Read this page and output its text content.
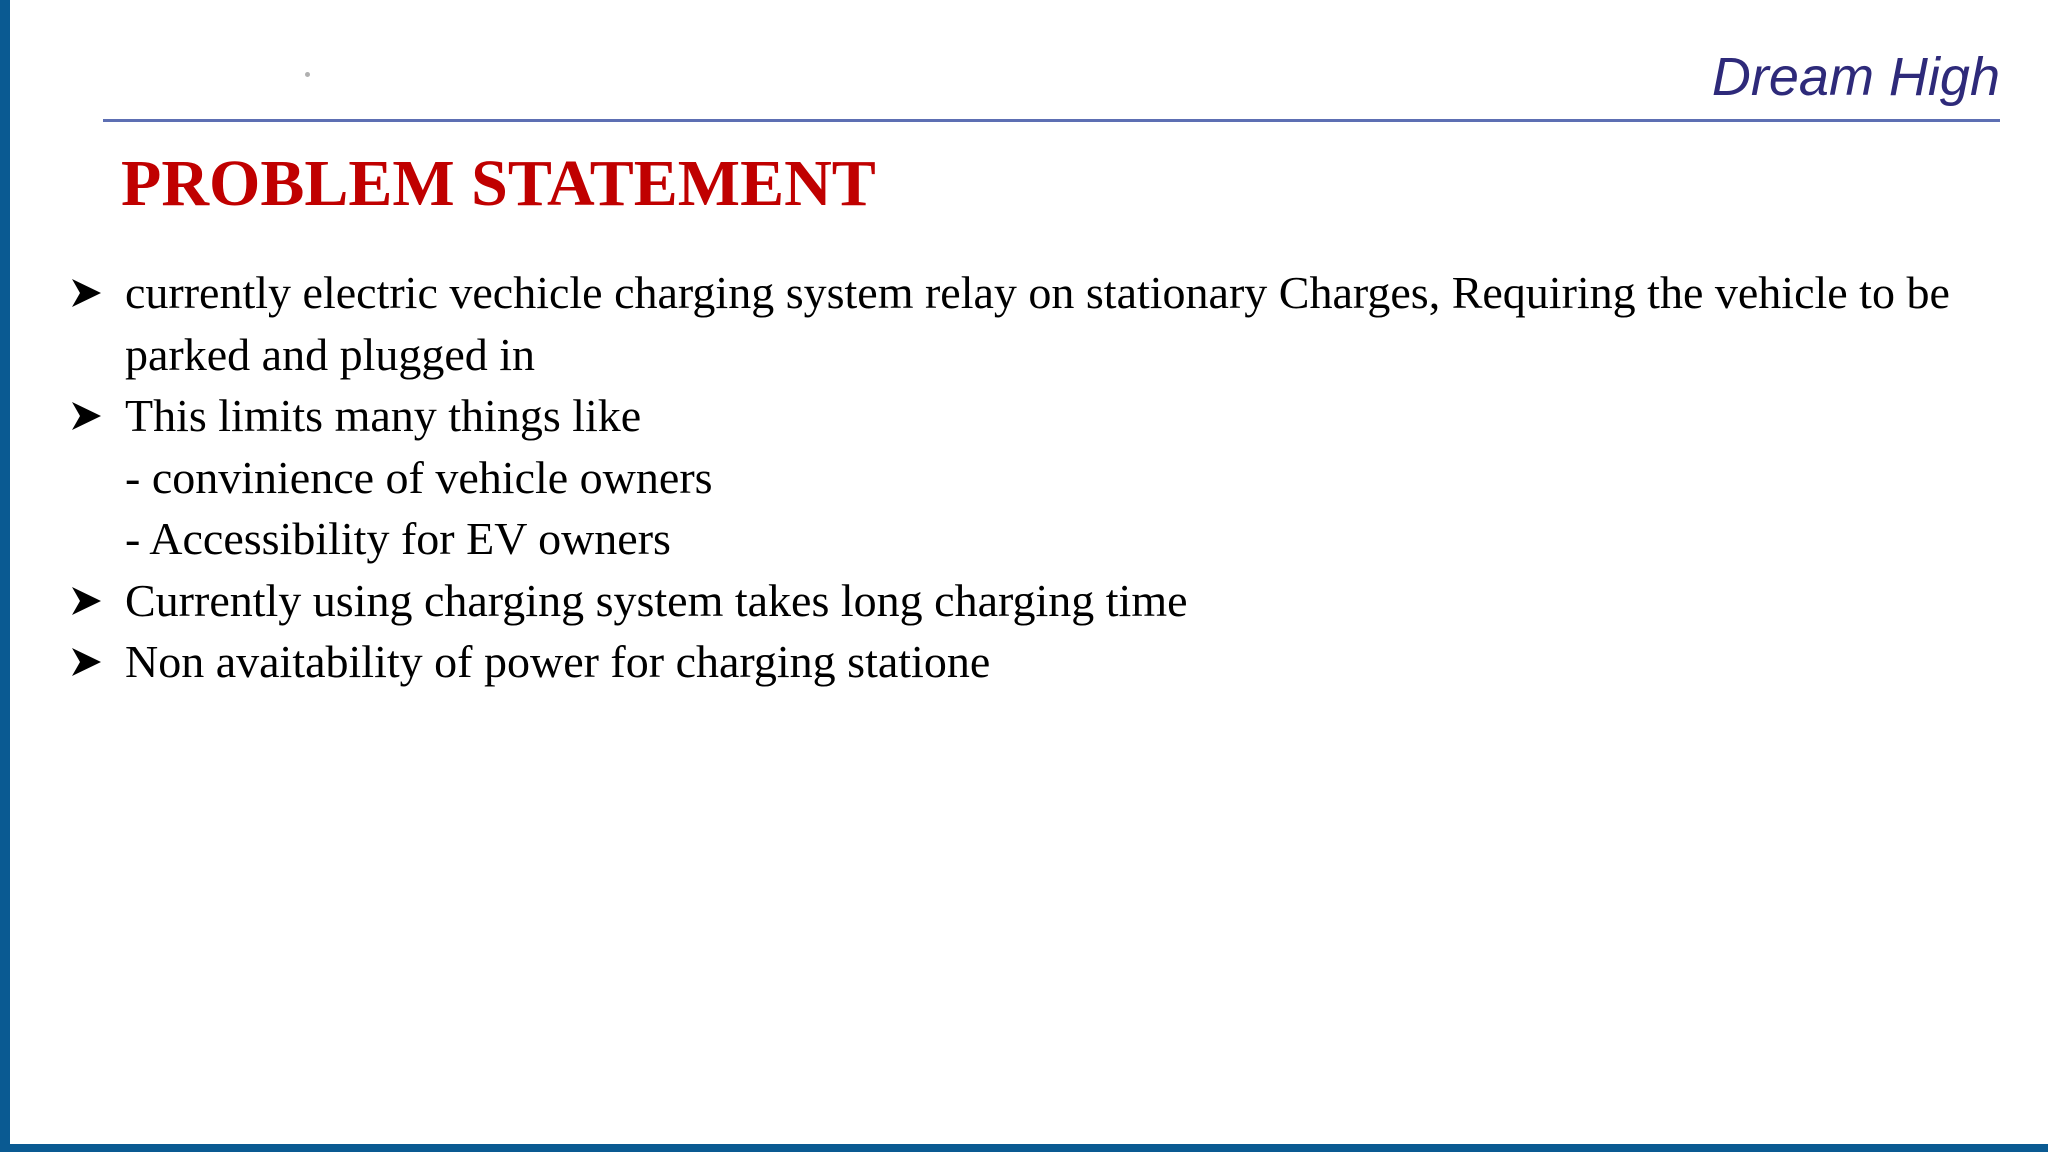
Dream High
PROBLEM STATEMENT
currently electric vechicle charging system relay on stationary Charges, Requiring the vehicle to be parked and plugged in
This limits many things like
- convinience of vehicle owners
- Accessibility for EV owners
Currently using charging system takes long charging time
Non avaitability of power for charging statione
